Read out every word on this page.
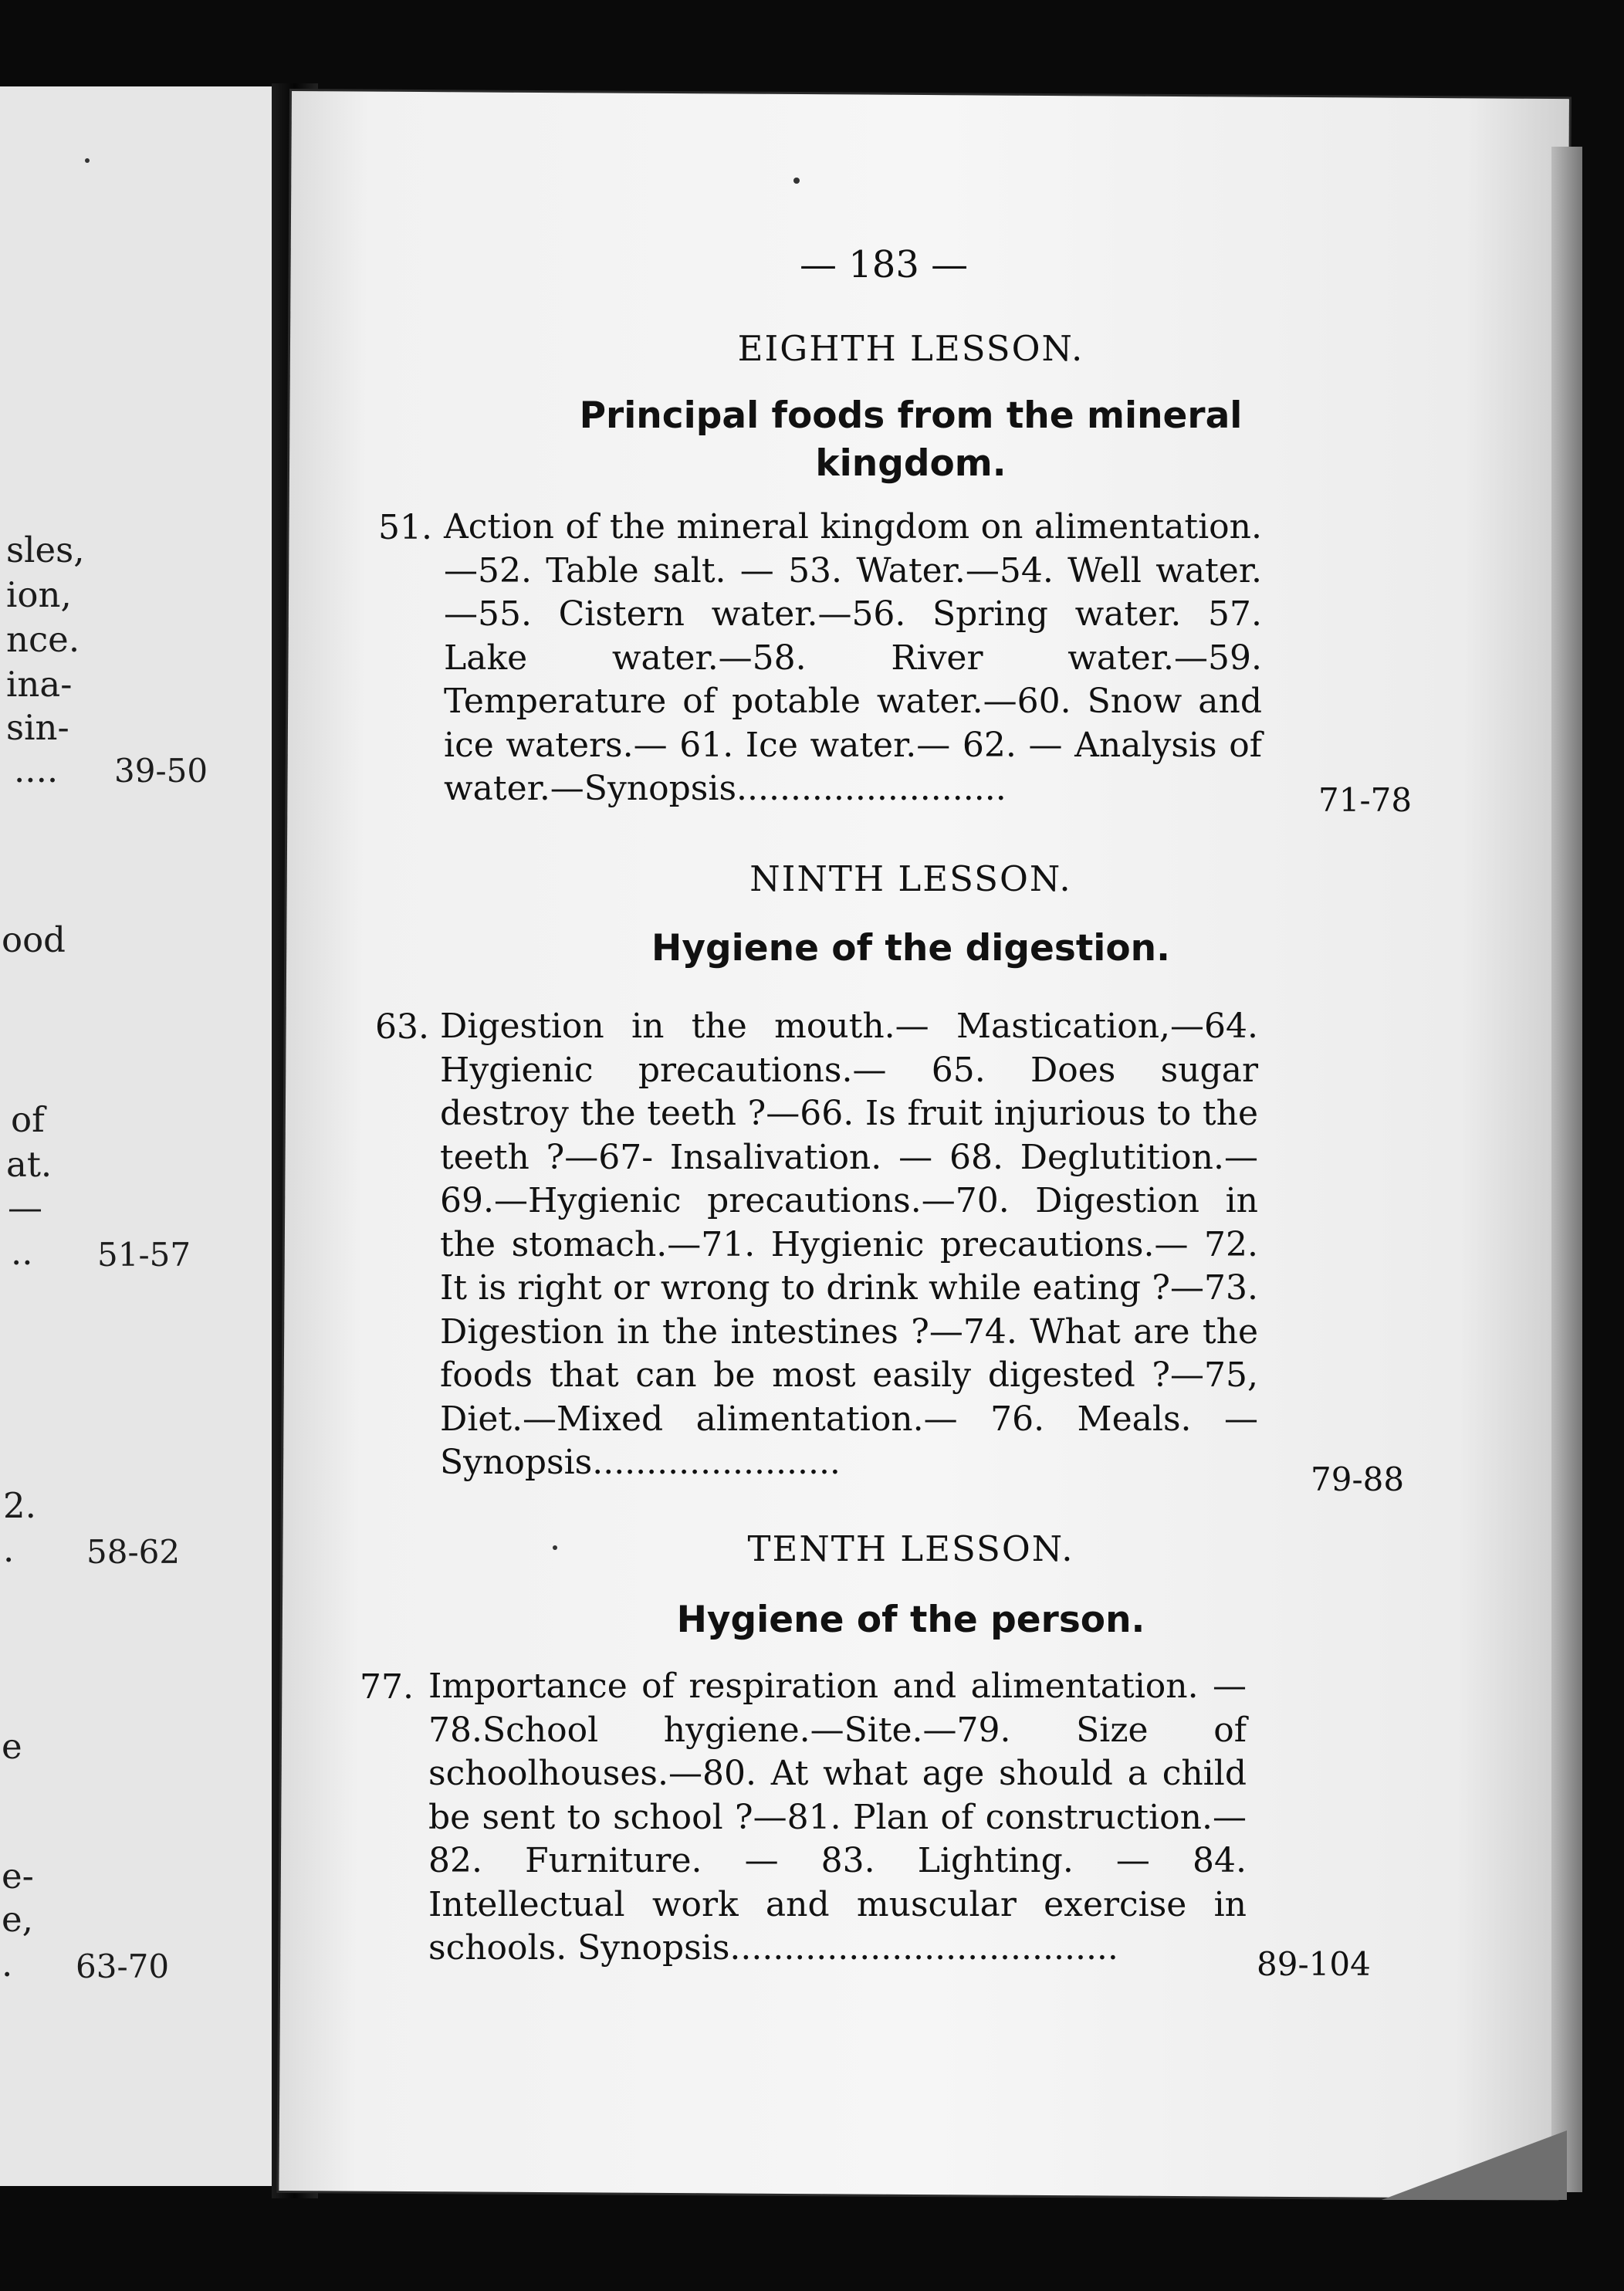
sles,
ion,
nce.
ina-
sin-
.... 39-50
ood
of
at.
—
.. 51-57
2.
. 58-62
e
e-
e,
. 63-70
— 183 —
EIGHTH LESSON.
Principal foods from the mineral
kingdom.
51. Action of the mineral kingdom on alimentation.—52. Table salt. — 53. Water.—54. Well water.—55. Cistern water.—56. Spring water. 57. Lake water.—58. River water.—59. Temperature of potable water.—60. Snow and ice waters.— 61. Ice water.— 62. — Analysis of water.—Synopsis.........................	71-78
NINTH LESSON.
Hygiene of the digestion.
63. Digestion in the mouth.— Mastication,—64. Hygienic precautions.— 65. Does sugar destroy the teeth ?—66. Is fruit injurious to the teeth ?—67- Insalivation. — 68. Deglutition.— 69.—Hygienic precautions.—70. Digestion in the stomach.—71. Hygienic precautions.— 72. It is right or wrong to drink while eating ?—73. Digestion in the intestines ?—74. What are the foods that can be most easily digested ?—75, Diet.—Mixed alimentation.— 76. Meals. — Synopsis.......................	79-88
TENTH LESSON.
Hygiene of the person.
77. Importance of respiration and alimentation. —78.School hygiene.—Site.—79. Size of schoolhouses.—80. At what age should a child be sent to school ?—81. Plan of construction.— 82. Furniture. — 83. Lighting. — 84. Intellectual work and muscular exercise in schools. Synopsis....................................	89-104
